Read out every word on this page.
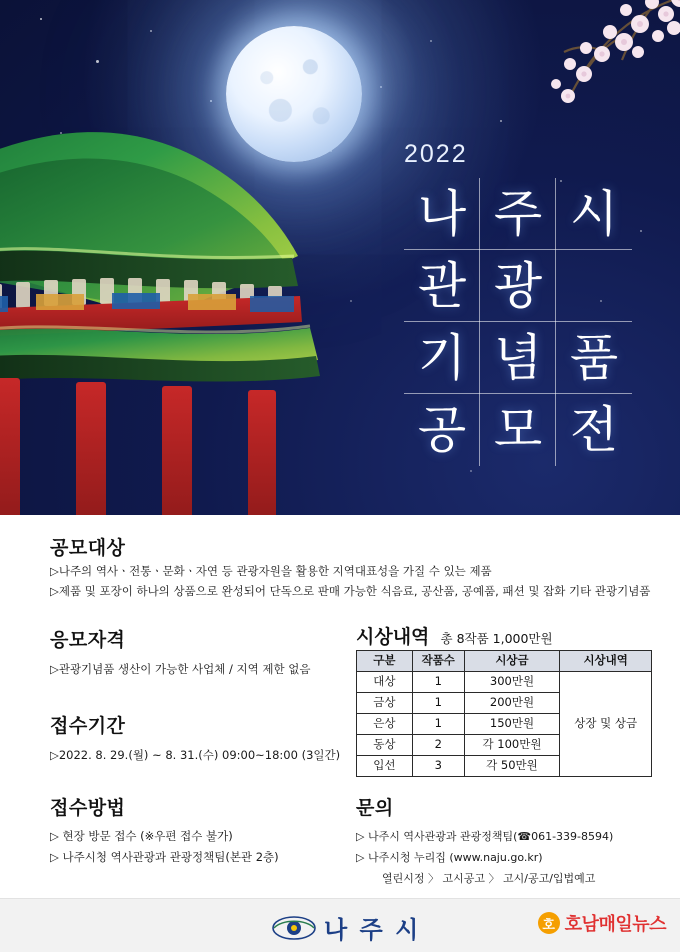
2022
나 주 시
관 광
기 념 품
공 모 전
공모대상
▷나주의 역사ㆍ전통ㆍ문화ㆍ자연 등 관광자원을 활용한 지역대표성을 가질 수 있는 제품
▷제품 및 포장이 하나의 상품으로 완성되어 단독으로 판매 가능한 식음료, 공산품, 공예품, 패션 및 잡화 기타 관광기념품
응모자격
▷관광기념품 생산이 가능한 사업체 / 지역 제한 없음
접수기간
▷2022. 8. 29.(월) ~ 8. 31.(수) 09:00~18:00 (3일간)
접수방법
▷ 현장 방문 접수 (※우편 접수 불가)
▷ 나주시청 역사관광과 관광정책팀(본관 2층)
문의
▷ 나주시 역사관광과 관광정책팀(☎061-339-8594)
▷ 나주시청 누리집 (www.naju.go.kr)
열린시정 〉 고시공고 〉 고시/공고/입법예고
시상내역 총 8작품 1,000만원
구분	작품수	시상금	시상내역
대상	1	300만원	상장 및 상금
금상	1	200만원	
은상	1	150만원	
동상	2	각 100만원	
입선	3	각 50만원	
나 주 시	호 호남매일뉴스
